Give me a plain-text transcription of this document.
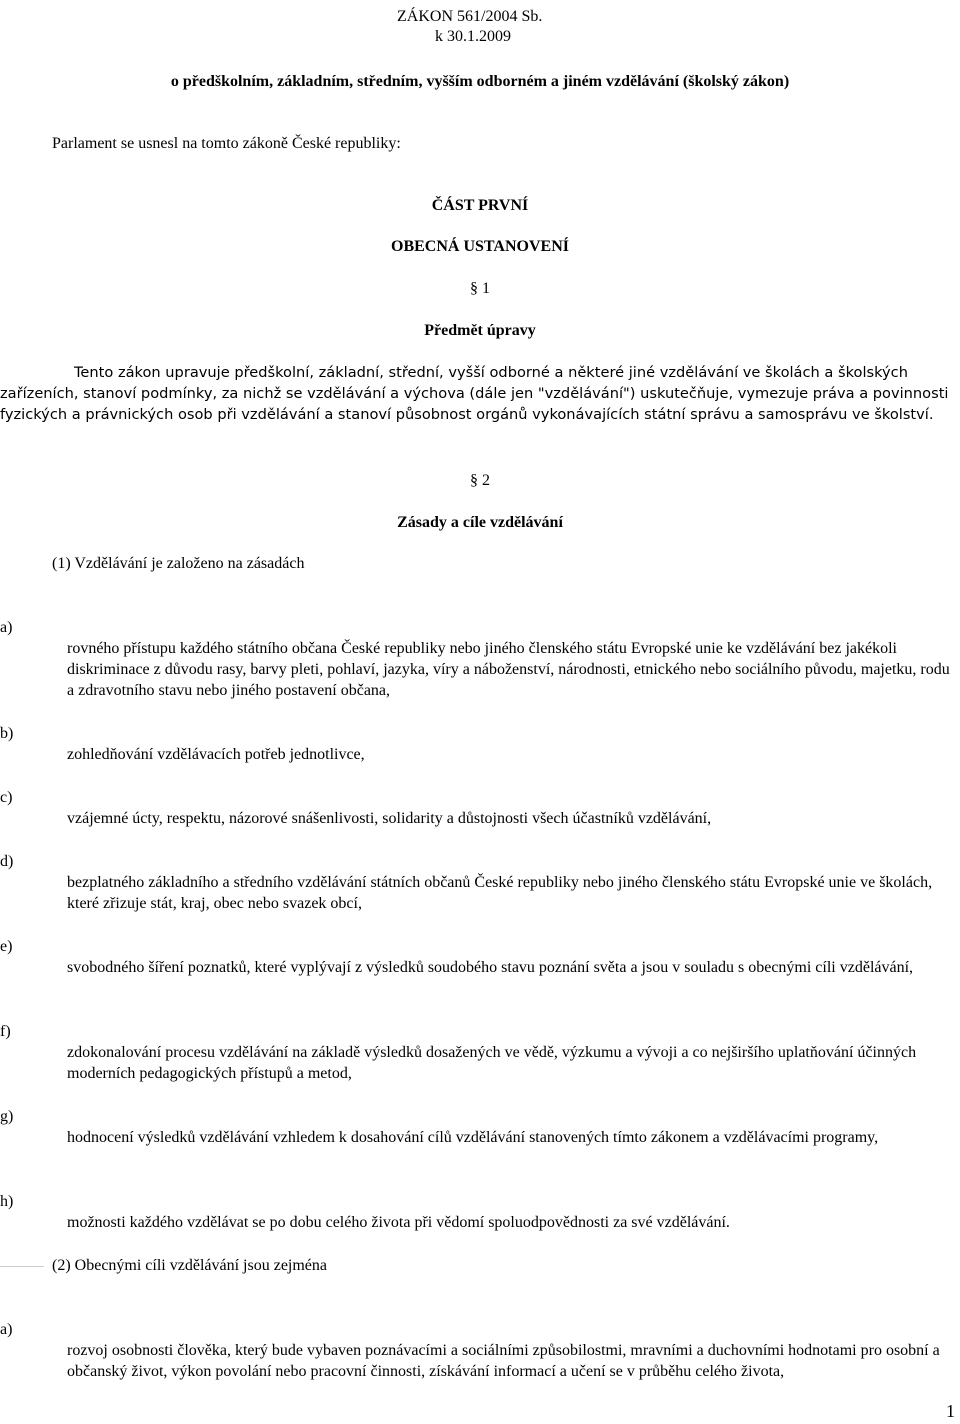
ZÁKON 561/2004 Sb.
k 30.1.2009
o předškolním, základním, středním, vyšším odborném a jiném vzdělávání (školský zákon)
Parlament se usnesl na tomto zákoně České republiky:
ČÁST PRVNÍ
OBECNÁ USTANOVENÍ
§ 1
Předmět úpravy
Tento zákon upravuje předškolní, základní, střední, vyšší odborné a některé jiné vzdělávání ve školách a školských zařízeních, stanoví podmínky, za nichž se vzdělávání a výchova (dále jen "vzdělávání") uskutečňuje, vymezuje práva a povinnosti fyzických a právnických osob při vzdělávání a stanoví působnost orgánů vykonávajících státní správu a samosprávu ve školství.
§ 2
Zásady a cíle vzdělávání
(1) Vzdělávání je založeno na zásadách
a)
rovného přístupu každého státního občana České republiky nebo jiného členského státu Evropské unie ke vzdělávání bez jakékoli diskriminace z důvodu rasy, barvy pleti, pohlaví, jazyka, víry a náboženství, národnosti, etnického nebo sociálního původu, majetku, rodu a zdravotního stavu nebo jiného postavení občana,
b)
zohledňování vzdělávacích potřeb jednotlivce,
c)
vzájemné úcty, respektu, názorové snášenlivosti, solidarity a důstojnosti všech účastníků vzdělávání,
d)
bezplatného základního a středního vzdělávání státních občanů České republiky nebo jiného členského státu Evropské unie ve školách, které zřizuje stát, kraj, obec nebo svazek obcí,
e)
svobodného šíření poznatků, které vyplývají z výsledků soudobého stavu poznání světa a jsou v souladu s obecnými cíli vzdělávání,
f)
zdokonalování procesu vzdělávání na základě výsledků dosažených ve vědě, výzkumu a vývoji a co nejširšího uplatňování účinných moderních pedagogických přístupů a metod,
g)
hodnocení výsledků vzdělávání vzhledem k dosahování cílů vzdělávání stanovených tímto zákonem a vzdělávacími programy,
h)
možnosti každého vzdělávat se po dobu celého života při vědomí spoluodpovědnosti za své vzdělávání.
(2) Obecnými cíli vzdělávání jsou zejména
a)
rozvoj osobnosti člověka, který bude vybaven poznávacími a sociálními způsobilostmi, mravními a duchovními hodnotami pro osobní a občanský život, výkon povolání nebo pracovní činnosti, získávání informací a učení se v průběhu celého života,
1
